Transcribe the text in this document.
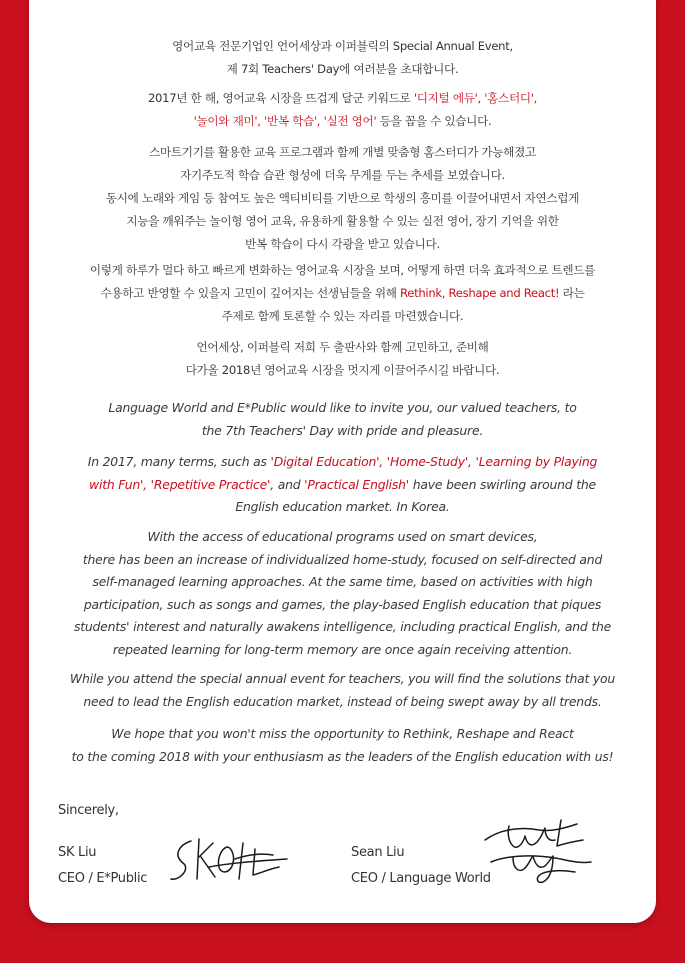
영어교육 전문기업인 언어세상과 이퍼블릭의 Special Annual Event,
제 7회 Teachers' Day에 여러분을 초대합니다.
2017년 한 해, 영어교육 시장을 뜨겁게 달군 키워드로 '디지털 에듀', '홈스터디',
'놀이와 재미', '반복 학습', '실전 영어' 등을 꼽을 수 있습니다.
스마트기기를 활용한 교육 프로그램과 함께 개별 맞춤형 홈스터디가 가능해졌고
자기주도적 학습 습관 형성에 더욱 무게를 두는 추세를 보였습니다.
동시에 노래와 게임 등 참여도 높은 액티비티를 기반으로 학생의 흥미를 이끌어내면서 자연스럽게
지능을 깨워주는 놀이형 영어 교육, 유용하게 활용할 수 있는 실전 영어, 장기 기억을 위한
반복 학습이 다시 각광을 받고 있습니다.
이렇게 하루가 멀다 하고 빠르게 변화하는 영어교육 시장을 보며, 어떻게 하면 더욱 효과적으로 트렌드를
수용하고 반영할 수 있을지 고민이 깊어지는 선생님들을 위해 Rethink, Reshape and React! 라는
주제로 함께 토론할 수 있는 자리를 마련했습니다.
언어세상, 이퍼블릭 저희 두 출판사와 함께 고민하고, 준비해
다가올 2018년 영어교육 시장을 멋지게 이끌어주시길 바랍니다.
Language World and E*Public would like to invite you, our valued teachers, to
the 7th Teachers' Day with pride and pleasure.
In 2017, many terms, such as 'Digital Education', 'Home-Study', 'Learning by Playing
with Fun', 'Repetitive Practice', and 'Practical English' have been swirling around the
English education market. In Korea.
With the access of educational programs used on smart devices,
there has been an increase of individualized home-study, focused on self-directed and
self-managed learning approaches. At the same time, based on activities with high
participation, such as songs and games, the play-based English education that piques
students' interest and naturally awakens intelligence, including practical English, and the
repeated learning for long-term memory are once again receiving attention.
While you attend the special annual event for teachers, you will find the solutions that you
need to lead the English education market, instead of being swept away by all trends.
We hope that you won't miss the opportunity to Rethink, Reshape and React
to the coming 2018 with your enthusiasm as the leaders of the English education with us!
Sincerely,
SK Liu
CEO / E*Public
Sean Liu
CEO / Language World
